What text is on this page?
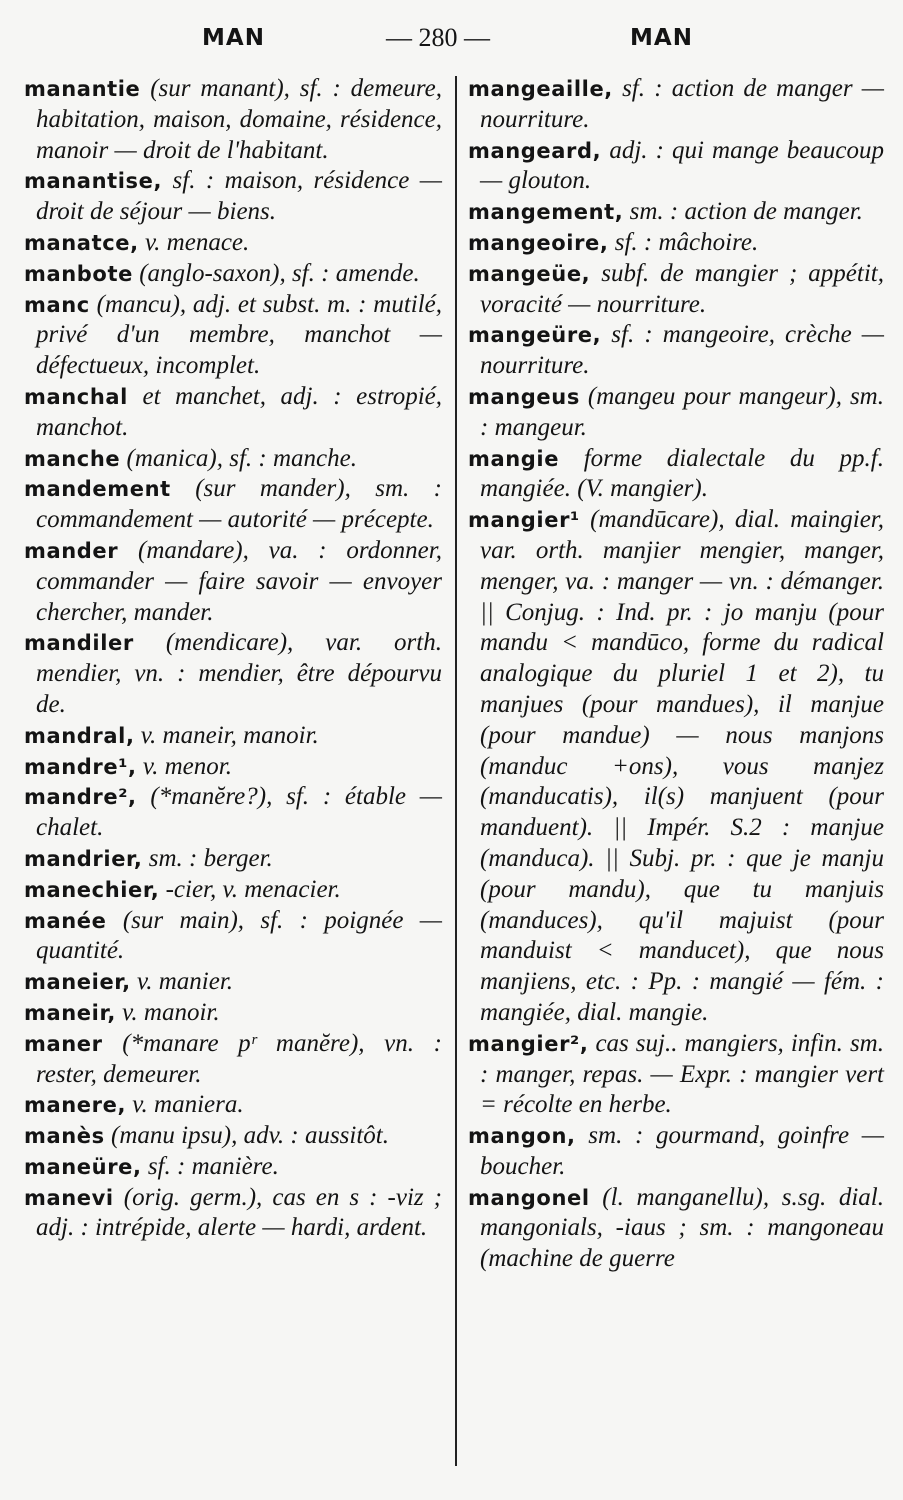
MAN	— 280 —	MAN

manantie (sur manant), sf. : demeure, habitation, maison, domaine, résidence, manoir — droit de l'habitant.

manantise, sf. : maison, résidence — droit de séjour — biens.

manatce, v. menace.

manbote (anglo-saxon), sf. : amende.

manc (mancu), adj. et subst. m. : mutilé, privé d'un membre, manchot — défectueux, incomplet.

manchal et manchet, adj. : estropié, manchot.

manche (manica), sf. : manche.

mandement (sur mander), sm. : commandement — autorité — précepte.

mander (mandare), va. : ordonner, commander — faire savoir — envoyer chercher, mander.

mandiler (mendicare), var. orth. mendier, vn. : mendier, être dépourvu de.

mandral, v. maneir, manoir.

mandre¹, v. menor.

mandre², (*manĕre?), sf. : étable — chalet.

mandrier, sm. : berger.

manechier, -cier, v. menacier.

manée (sur main), sf. : poignée — quantité.

maneier, v. manier.

maneir, v. manoir.

maner (*manare pʳ manĕre), vn. : rester, demeurer.

manere, v. maniera.

manès (manu ipsu), adv. : aussitôt.

maneüre, sf. : manière.

manevi (orig. germ.), cas en s : -viz ; adj. : intrépide, alerte — hardi, ardent.

mangeaille, sf. : action de manger — nourriture.

mangeard, adj. : qui mange beaucoup — glouton.

mangement, sm. : action de manger.

mangeoire, sf. : mâchoire.

mangeüe, subf. de mangier ; appétit, voracité — nourriture.

mangeüre, sf. : mangeoire, crèche — nourriture.

mangeus (mangeu pour mangeur), sm. : mangeur.

mangie forme dialectale du pp.f. mangiée. (V. mangier).

mangier¹ (mandūcare), dial. maingier, var. orth. manjier mengier, manger, menger, va. : manger — vn. : démanger. || Conjug. : Ind. pr. : jo manju (pour mandu < mandūco, forme du radical analogique du pluriel 1 et 2), tu manjues (pour mandues), il manjue (pour mandue) — nous manjons (manduc +ons), vous manjez (manducatis), il(s) manjuent (pour manduent). || Impér. S.2 : manjue (manduca). || Subj. pr. : que je manju (pour mandu), que tu manjuis (manduces), qu'il majuist (pour manduist < manducet), que nous manjiens, etc. : Pp. : mangié — fém. : mangiée, dial. mangie.

mangier², cas suj.. mangiers, infin. sm. : manger, repas. — Expr. : mangier vert = récolte en herbe.

mangon, sm. : gourmand, goinfre — boucher.

mangonel (l. manganellu), s.sg. dial. mangonials, -iaus ; sm. : mangoneau (machine de guerre
